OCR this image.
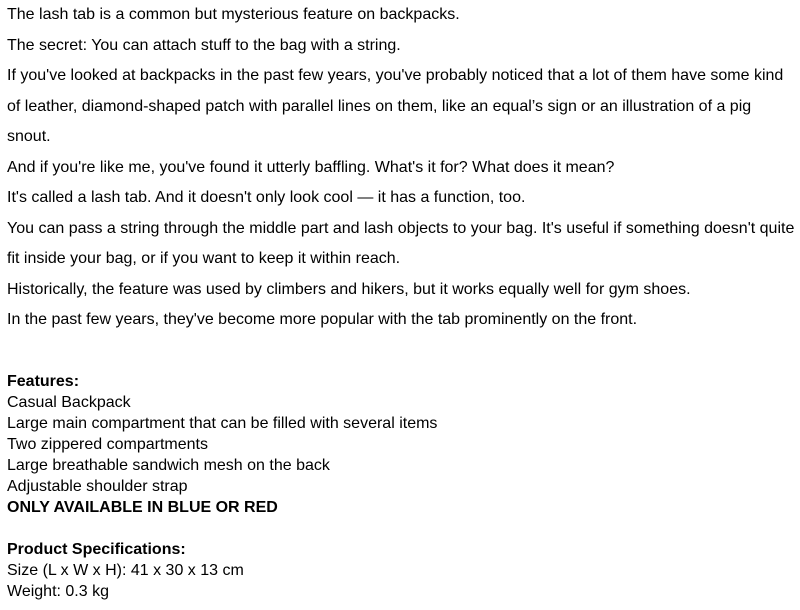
The lash tab is a common but mysterious feature on backpacks.

The secret: You can attach stuff to the bag with a string.

If you've looked at backpacks in the past few years, you've probably noticed that a lot of them have some kind of leather, diamond-shaped patch with parallel lines on them, like an equal’s sign or an illustration of a pig snout.

And if you're like me, you've found it utterly baffling. What's it for? What does it mean?

It's called a lash tab. And it doesn't only look cool — it has a function, too.

You can pass a string through the middle part and lash objects to your bag. It's useful if something doesn't quite fit inside your bag, or if you want to keep it within reach.

Historically, the feature was used by climbers and hikers, but it works equally well for gym shoes.

In the past few years, they've become more popular with the tab prominently on the front.

Features:
Casual Backpack
Large main compartment that can be filled with several items
Two zippered compartments
Large breathable sandwich mesh on the back
Adjustable shoulder strap
ONLY AVAILABLE IN BLUE OR RED
Product Specifications:
Size (L x W x H): 41 x 30 x 13 cm
Weight: 0.3 kg
